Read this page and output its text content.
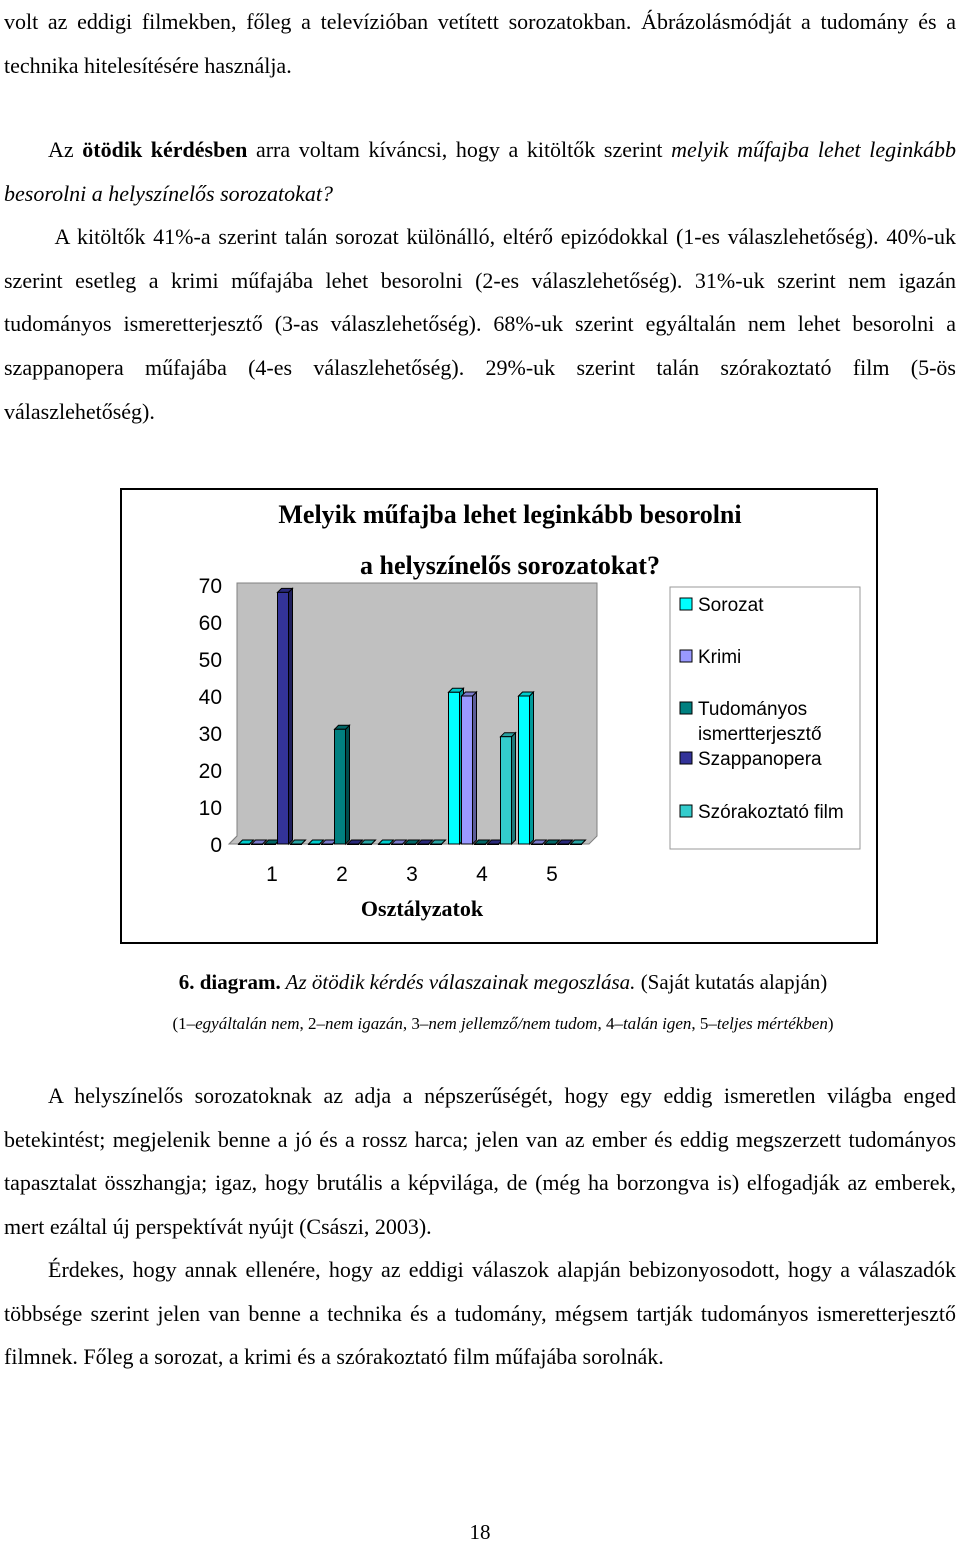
volt az eddigi filmekben, főleg a televízióban vetített sorozatokban. Ábrázolásmódját a tudomány és a technika hitelesítésére használja.
Az ötödik kérdésben arra voltam kíváncsi, hogy a kitöltők szerint melyik műfajba lehet leginkább besorolni a helyszínelős sorozatokat?
A kitöltők 41%-a szerint talán sorozat különálló, eltérő epizódokkal (1-es válaszlehetőség). 40%-uk szerint esetleg a krimi műfajába lehet besorolni (2-es válaszlehetőség). 31%-uk szerint nem igazán tudományos ismeretterjesztő (3-as válaszlehetőség). 68%-uk szerint egyáltalán nem lehet besorolni a szappanopera műfajába (4-es válaszlehetőség). 29%-uk szerint talán szórakoztató film (5-ös válaszlehetőség).
Melyik műfajba lehet leginkább besorolni
a helyszínelős sorozatokat?
0
10
20
30
40
50
60
70
1	2	3	4	5
Osztályzatok
Sorozat
Krimi
Tudományos
ismertterjesztő
Szappanopera
Szórakoztató film
6. diagram. Az ötödik kérdés válaszainak megoszlása. (Saját kutatás alapján)
(1–egyáltalán nem, 2–nem igazán, 3–nem jellemző/nem tudom, 4–talán igen, 5–teljes mértékben)
A helyszínelős sorozatoknak az adja a népszerűségét, hogy egy eddig ismeretlen világba enged betekintést; megjelenik benne a jó és a rossz harca; jelen van az ember és eddig megszerzett tudományos tapasztalat összhangja; igaz, hogy brutális a képvilága, de (még ha borzongva is) elfogadják az emberek, mert ezáltal új perspektívát nyújt (Császi, 2003).
Érdekes, hogy annak ellenére, hogy az eddigi válaszok alapján bebizonyosodott, hogy a válaszadók többsége szerint jelen van benne a technika és a tudomány, mégsem tartják tudományos ismeretterjesztő filmnek. Főleg a sorozat, a krimi és a szórakoztató film műfajába sorolnák.
18
